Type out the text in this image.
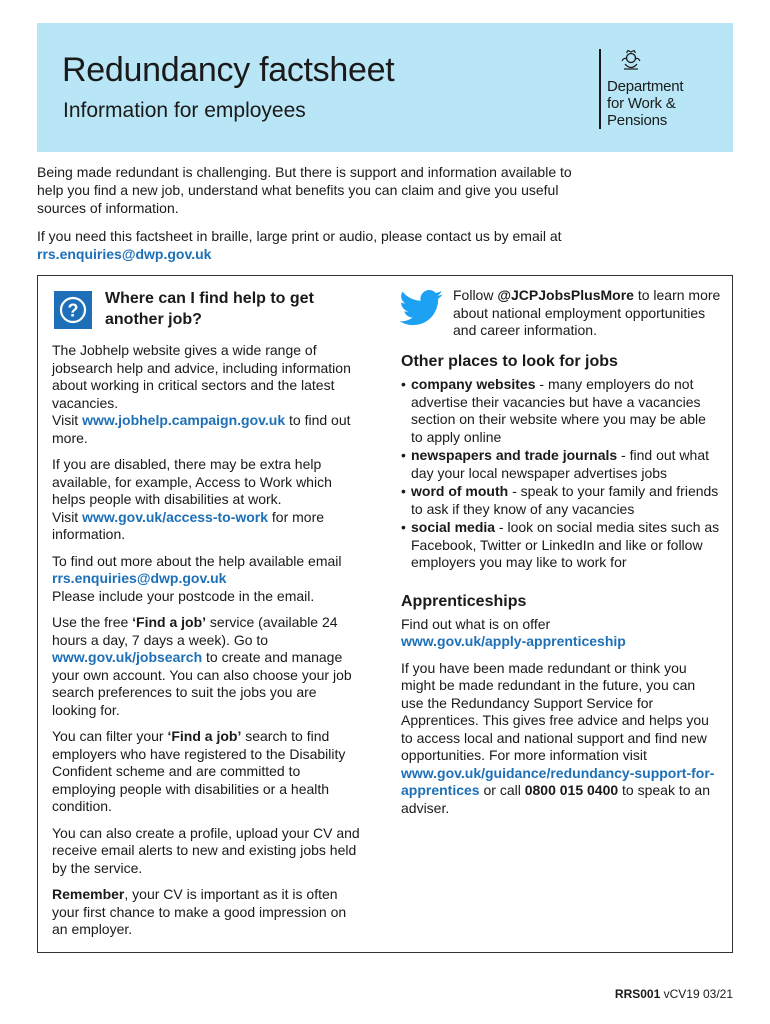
Redundancy factsheet
Information for employees
Department
for Work &
Pensions

Being made redundant is challenging. But there is support and information available to help you find a new job, understand what benefits you can claim and give you useful sources of information.

If you need this factsheet in braille, large print or audio, please contact us by email at rrs.enquiries@dwp.gov.uk

?
Where can I find help to get another job?

The Jobhelp website gives a wide range of jobsearch help and advice, including information about working in critical sectors and the latest vacancies.
Visit www.jobhelp.campaign.gov.uk to find out more.

If you are disabled, there may be extra help available, for example, Access to Work which helps people with disabilities at work.
Visit www.gov.uk/access-to-work for more information.

To find out more about the help available email rrs.enquiries@dwp.gov.uk
Please include your postcode in the email.

Use the free ‘Find a job’ service (available 24 hours a day, 7 days a week). Go to www.gov.uk/jobsearch to create and manage your own account. You can also choose your job search preferences to suit the jobs you are looking for.

You can filter your ‘Find a job’ search to find employers who have registered to the Disability Confident scheme and are committed to employing people with disabilities or a health condition.

You can also create a profile, upload your CV and receive email alerts to new and existing jobs held by the service.

Remember, your CV is important as it is often your first chance to make a good impression on an employer.

Follow @JCPJobsPlusMore to learn more about national employment opportunities and career information.
Other places to look for jobs
• company websites - many employers do not advertise their vacancies but have a vacancies section on their website where you may be able to apply online
• newspapers and trade journals - find out what day your local newspaper advertises jobs
• word of mouth - speak to your family and friends to ask if they know of any vacancies
• social media - look on social media sites such as Facebook, Twitter or LinkedIn and like or follow employers you may like to work for
Apprenticeships

Find out what is on offer
www.gov.uk/apply-apprenticeship

If you have been made redundant or think you might be made redundant in the future, you can use the Redundancy Support Service for Apprentices. This gives free advice and helps you to access local and national support and find new opportunities. For more information visit www.gov.uk/guidance/redundancy-support-for-apprentices or call 0800 015 0400 to speak to an adviser.

RRS001 vCV19 03/21
